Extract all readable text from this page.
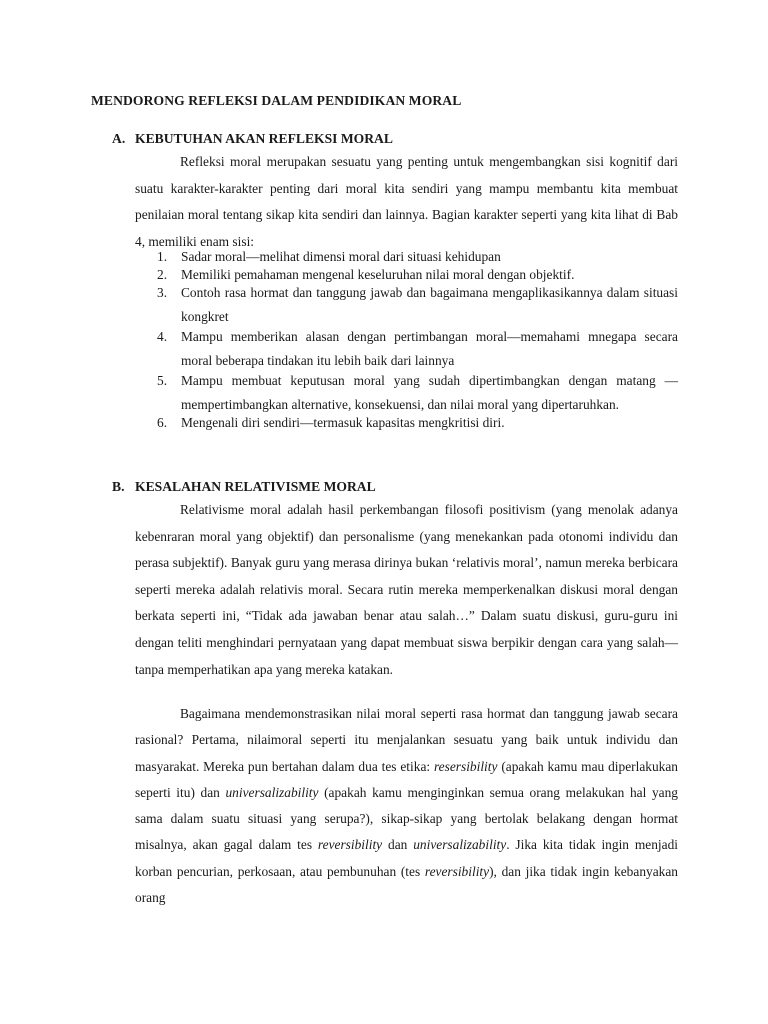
MENDORONG REFLEKSI DALAM PENDIDIKAN MORAL
A. KEBUTUHAN AKAN REFLEKSI MORAL

Refleksi moral merupakan sesuatu yang penting untuk mengembangkan sisi kognitif dari suatu karakter-karakter penting dari moral kita sendiri yang mampu membantu kita membuat penilaian moral tentang sikap kita sendiri dan lainnya. Bagian karakter seperti yang kita lihat di Bab 4, memiliki enam sisi:

1. Sadar moral—melihat dimensi moral dari situasi kehidupan
2. Memiliki pemahaman mengenal keseluruhan nilai moral dengan objektif.
3. Contoh rasa hormat dan tanggung jawab dan bagaimana mengaplikasikannya dalam situasi kongkret
4. Mampu memberikan alasan dengan pertimbangan moral—memahami mnegapa secara moral beberapa tindakan itu lebih baik dari lainnya
5. Mampu membuat keputusan moral yang sudah dipertimbangkan dengan matang —mempertimbangkan alternative, konsekuensi, dan nilai moral yang dipertaruhkan.
6. Mengenali diri sendiri—termasuk kapasitas mengkritisi diri.
B. KESALAHAN RELATIVISME MORAL

Relativisme moral adalah hasil perkembangan filosofi positivism (yang menolak adanya kebenraran moral yang objektif) dan personalisme (yang menekankan pada otonomi individu dan perasa subjektif). Banyak guru yang merasa dirinya bukan ‘relativis moral’, namun mereka berbicara seperti mereka adalah relativis moral. Secara rutin mereka memperkenalkan diskusi moral dengan berkata seperti ini, “Tidak ada jawaban benar atau salah…” Dalam suatu diskusi, guru-guru ini dengan teliti menghindari pernyataan yang dapat membuat siswa berpikir dengan cara yang salah—tanpa memperhatikan apa yang mereka katakan.

Bagaimana mendemonstrasikan nilai moral seperti rasa hormat dan tanggung jawab secara rasional? Pertama, nilaimoral seperti itu menjalankan sesuatu yang baik untuk individu dan masyarakat. Mereka pun bertahan dalam dua tes etika: resersibility (apakah kamu mau diperlakukan seperti itu) dan universalizability (apakah kamu menginginkan semua orang melakukan hal yang sama dalam suatu situasi yang serupa?), sikap-sikap yang bertolak belakang dengan hormat misalnya, akan gagal dalam tes reversibility dan universalizability. Jika kita tidak ingin menjadi korban pencurian, perkosaan, atau pembunuhan (tes reversibility), dan jika tidak ingin kebanyakan orang
